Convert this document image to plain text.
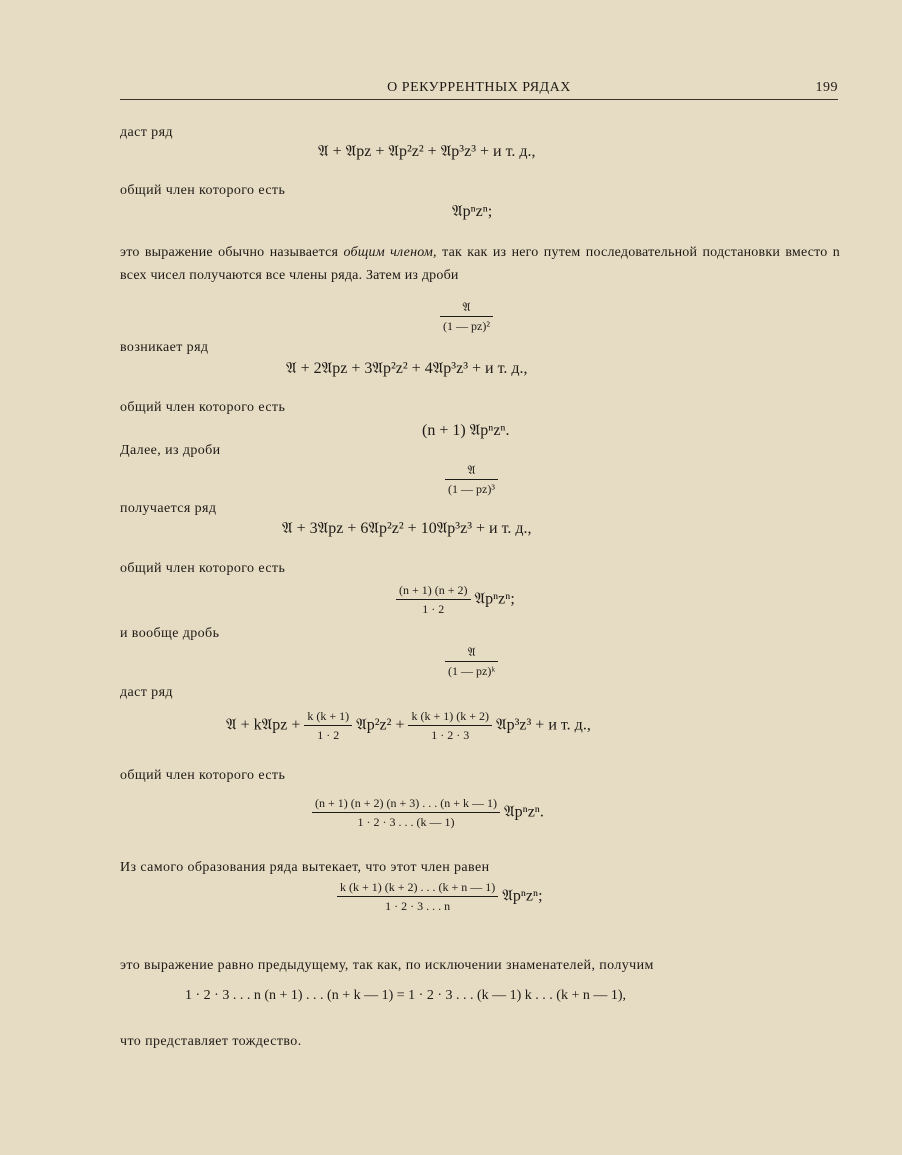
О РЕКУРРЕНТНЫХ РЯДАХ	199
даст ряд
𝔄 + 𝔄pz + 𝔄p²z² + 𝔄p³z³ + и т. д.,
общий член которого есть
𝔄pⁿzⁿ;
это выражение обычно называется общим членом, так как из него путем последовательной подстановки вместо n всех чисел получаются все члены ряда. Затем из дроби
$\frac{\text{𝔄}}{\text{(1 — pz)²}}$
возникает ряд
𝔄 + 2𝔄pz + 3𝔄p²z² + 4𝔄p³z³ + и т. д.,
общий член которого есть
(n + 1) 𝔄pⁿzⁿ.
Далее, из дроби
$\frac{\text{𝔄}}{\text{(1 — pz)³}}$
получается ряд
𝔄 + 3𝔄pz + 6𝔄p²z² + 10𝔄p³z³ + и т. д.,
общий член которого есть
$\frac{(n + 1) (n + 2)}{1 \cdot 2}$ 𝔄pⁿzⁿ;
и вообще дробь
$\frac{\text{𝔄}}{\text{(1 — pz)ᵏ}}$
даст ряд
𝔄 + k𝔄pz + $\frac{k (k + 1)}{1 \cdot 2}$ 𝔄p²z² + $\frac{k (k + 1) (k + 2)}{1 \cdot 2 \cdot 3}$ 𝔄p³z³ + и т. д.,
общий член которого есть
$\frac{(n + 1) (n + 2) (n + 3) . . . (n + k — 1)}{1 \cdot 2 \cdot 3 . . . (k — 1)}$ 𝔄pⁿzⁿ.
Из самого образования ряда вытекает, что этот член равен
$\frac{k (k + 1) (k + 2) . . . (k + n — 1)}{1 \cdot 2 \cdot 3 . . . n}$ 𝔄pⁿzⁿ;
это выражение равно предыдущему, так как, по исключении знаменателей, получим
1 · 2 · 3 . . . n (n + 1) . . . (n + k — 1) = 1 · 2 · 3 . . . (k — 1) k . . . (k + n — 1),
что представляет тождество.
